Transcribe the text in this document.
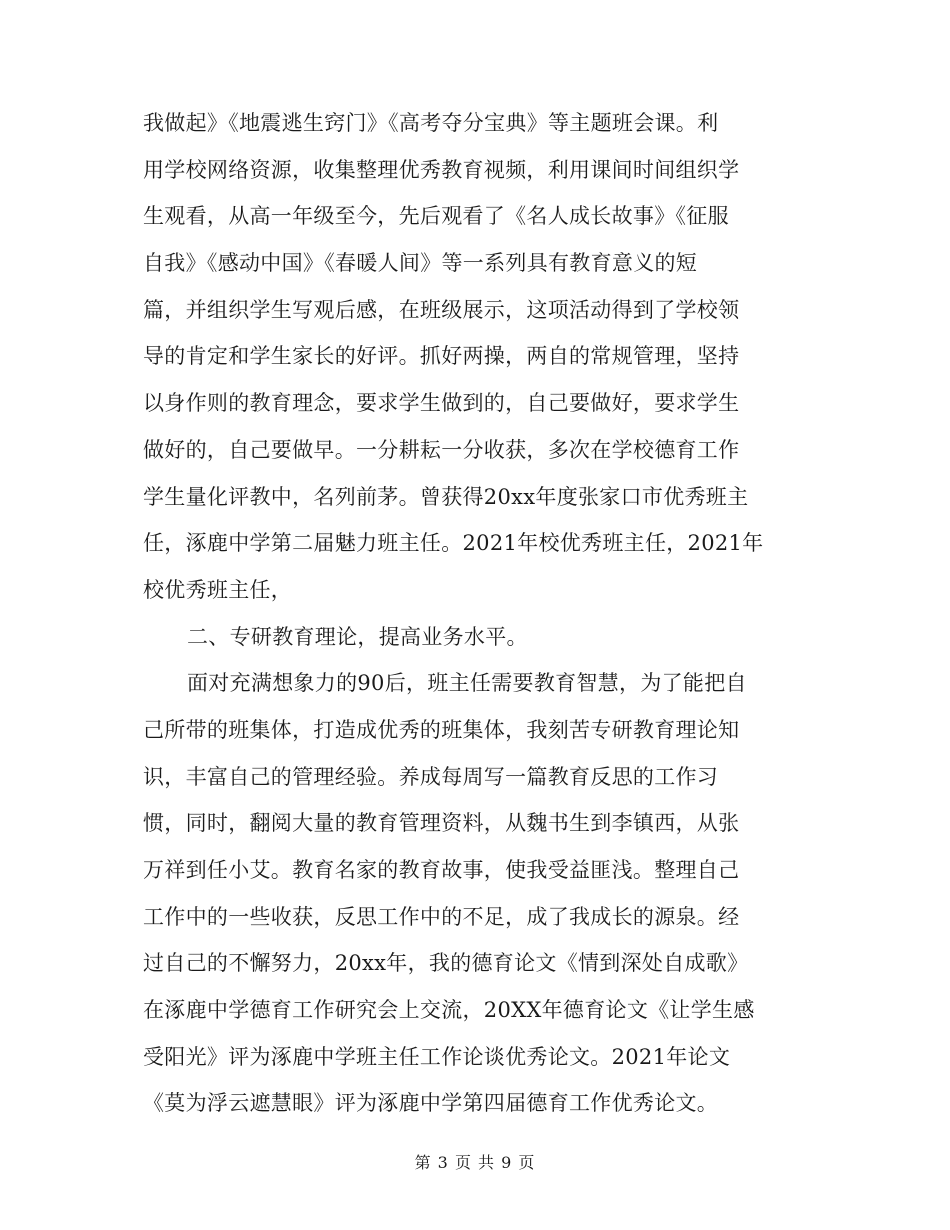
我做起》《地震逃生窍门》《高考夺分宝典》等主题班会课。利
用学校网络资源，收集整理优秀教育视频，利用课间时间组织学
生观看，从高一年级至今，先后观看了《名人成长故事》《征服
自我》《感动中国》《春暖人间》等一系列具有教育意义的短
篇，并组织学生写观后感，在班级展示，这项活动得到了学校领
导的肯定和学生家长的好评。抓好两操，两自的常规管理，坚持
以身作则的教育理念，要求学生做到的，自己要做好，要求学生
做好的，自己要做早。一分耕耘一分收获，多次在学校德育工作
学生量化评教中，名列前茅。曾获得20xx年度张家口市优秀班主
任，涿鹿中学第二届魅力班主任。2021年校优秀班主任，2021年
校优秀班主任，
二、专研教育理论，提高业务水平。
面对充满想象力的90后，班主任需要教育智慧，为了能把自
己所带的班集体，打造成优秀的班集体，我刻苦专研教育理论知
识，丰富自己的管理经验。养成每周写一篇教育反思的工作习
惯，同时，翻阅大量的教育管理资料，从魏书生到李镇西，从张
万祥到任小艾。教育名家的教育故事，使我受益匪浅。整理自己
工作中的一些收获，反思工作中的不足，成了我成长的源泉。经
过自己的不懈努力，20xx年，我的德育论文《情到深处自成歌》
在涿鹿中学德育工作研究会上交流，20XX年德育论文《让学生感
受阳光》评为涿鹿中学班主任工作论谈优秀论文。2021年论文
《莫为浮云遮慧眼》评为涿鹿中学第四届德育工作优秀论文。
第 3 页 共 9 页
